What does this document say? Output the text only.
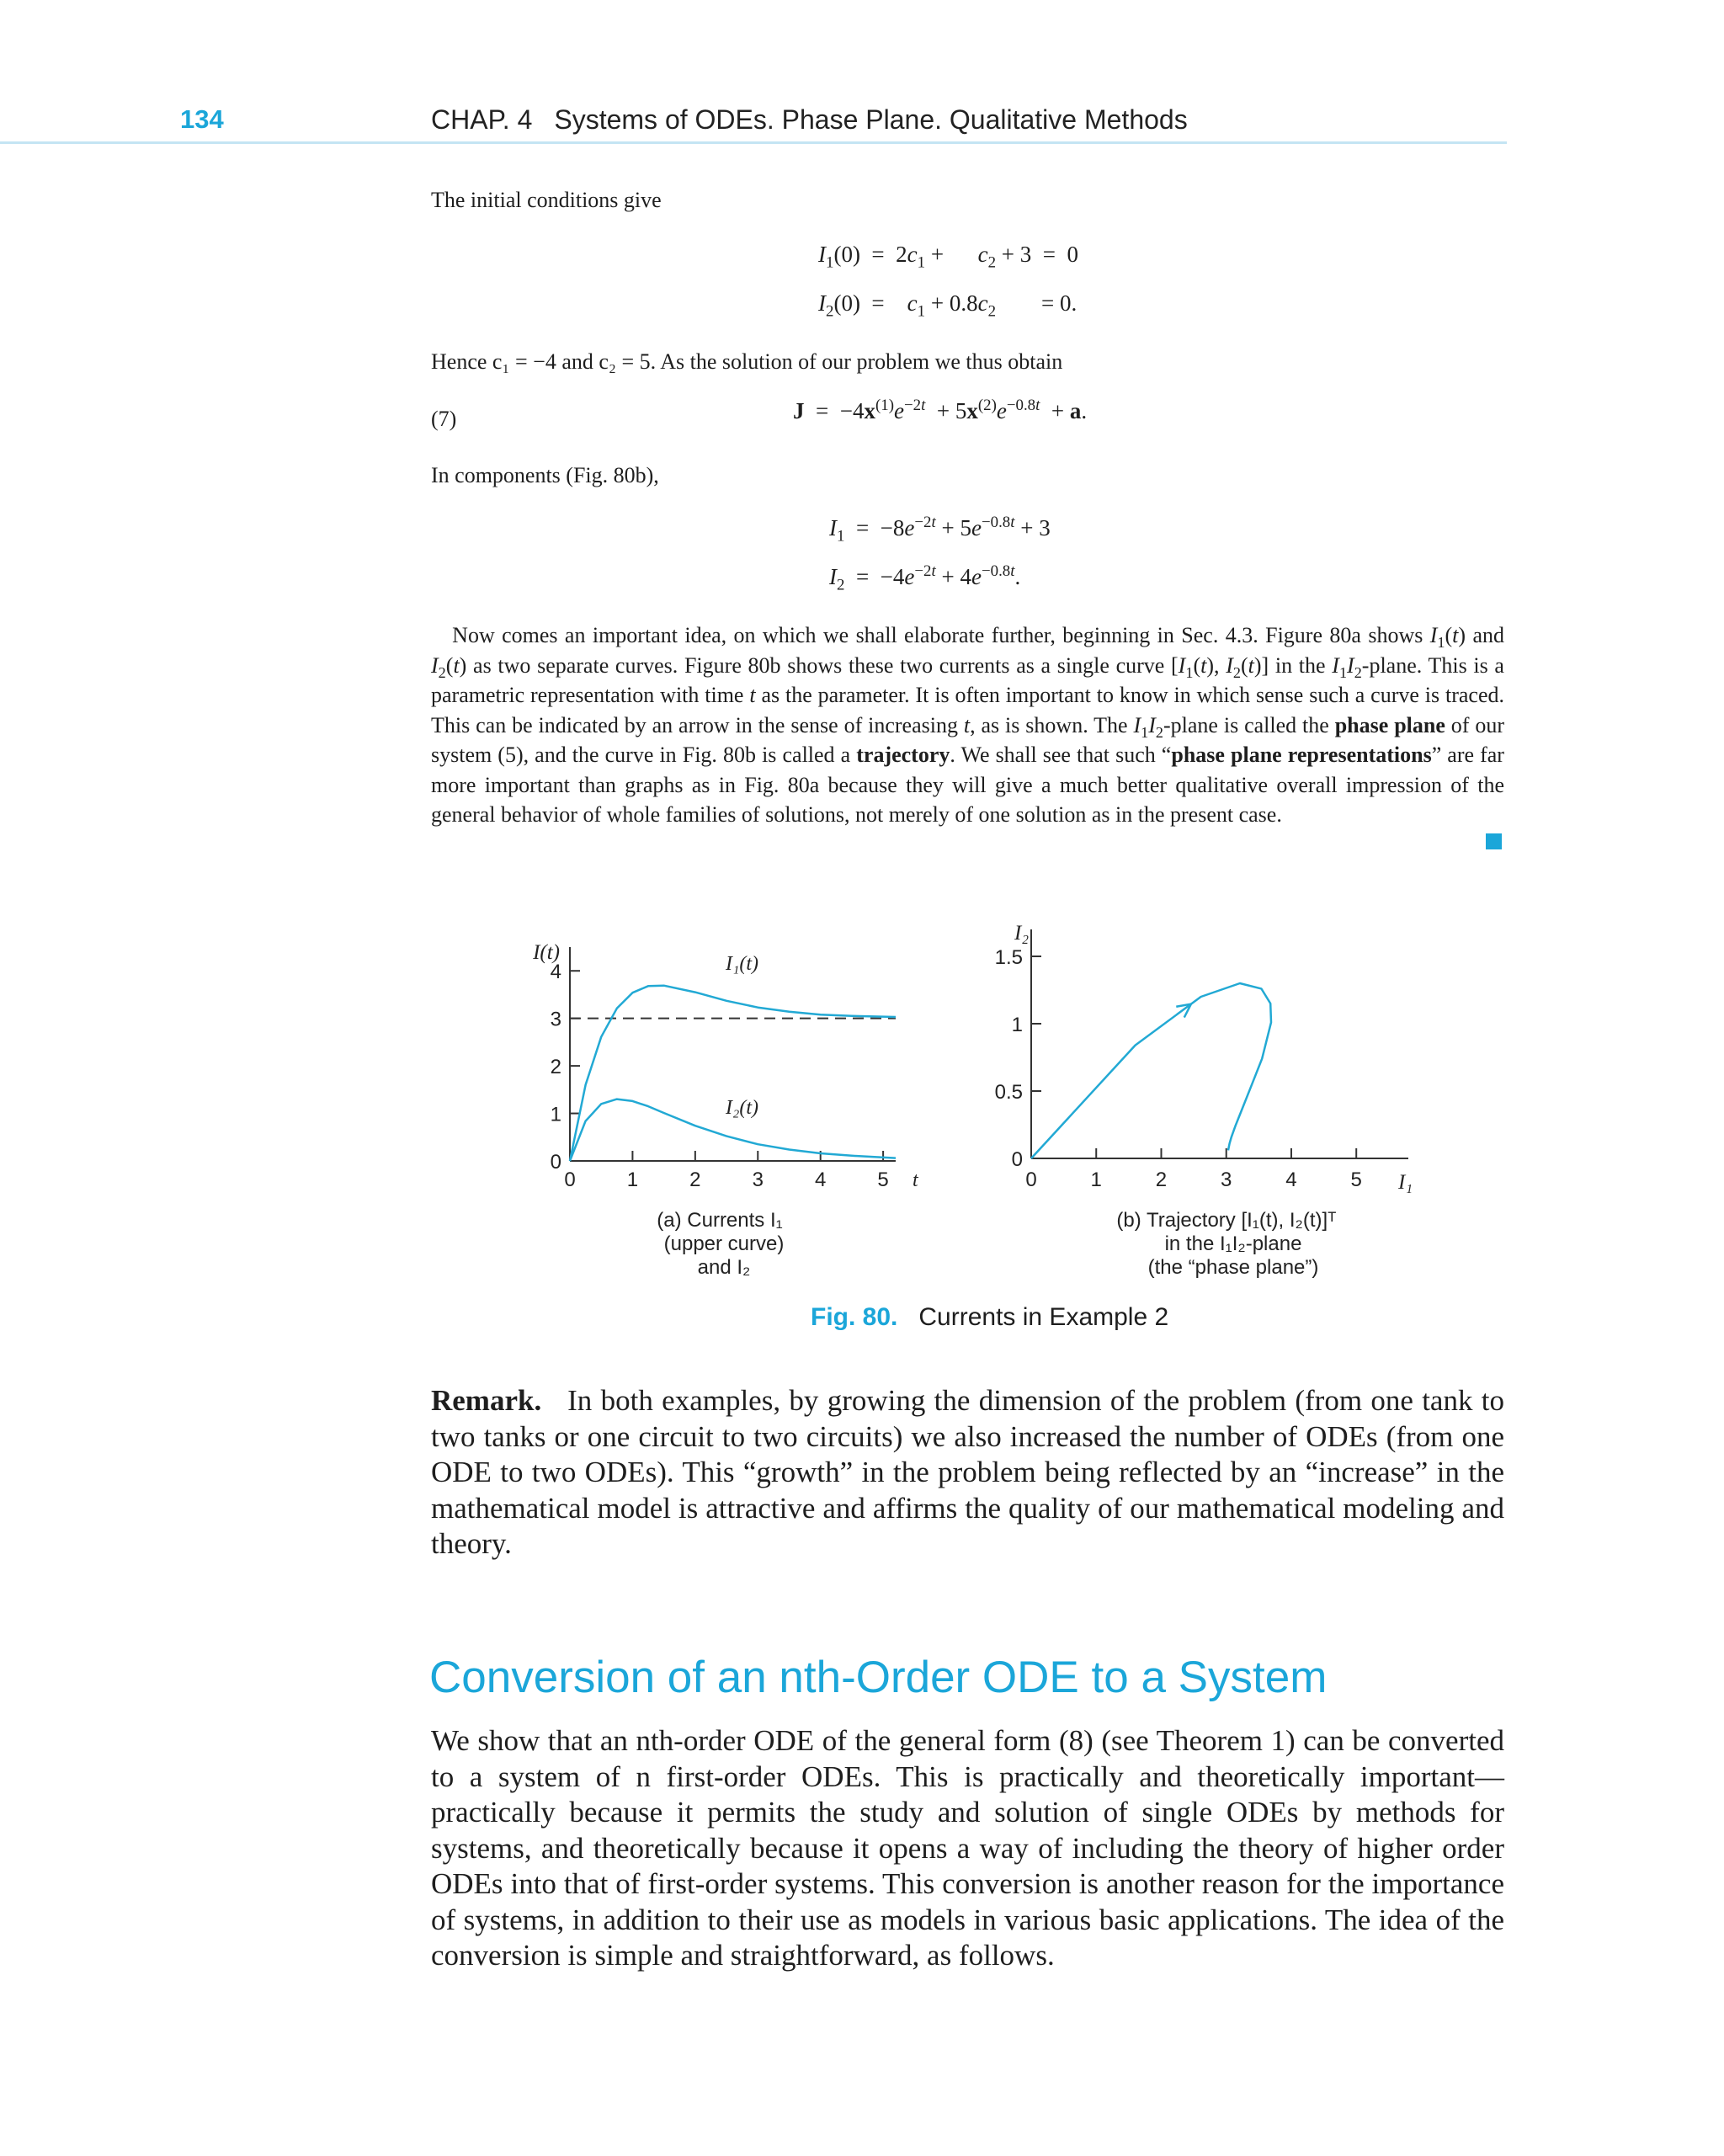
134	CHAP. 4 Systems of ODEs. Phase Plane. Qualitative Methods
The initial conditions give
$I_1(0) = 2c_1$ +      $c_2 + 3 = 0$
$I_2(0)$  =    $c_1 + 0.8c_2$        = 0.
Hence c₁ = −4 and c₂ = 5. As the solution of our problem we thus obtain
(7)	$J = -4x^{(1)}e^{-2t} + 5x^{(2)}e^{-0.8t} + a$.
In components (Fig. 80b),
$I_1 = -8e^{-2t} + 5e^{-0.8t} + 3$
$I_2 = -4e^{-2t} + 4e^{-0.8t}$.
Now comes an important idea, on which we shall elaborate further, beginning in Sec. 4.3. Figure 80a shows $I_1(t)$ and $I_2(t)$ as two separate curves. Figure 80b shows these two currents as a single curve [$I_1(t)$, $I_2(t)$] in the $I_1I_2$-plane. This is a parametric representation with time t as the parameter. It is often important to know in which sense such a curve is traced. This can be indicated by an arrow in the sense of increasing t, as is shown. The $I_1I_2$-plane is called the phase plane of our system (5), and the curve in Fig. 80b is called a trajectory. We shall see that such “phase plane representations” are far more important than graphs as in Fig. 80a because they will give a much better qualitative overall impression of the general behavior of whole families of solutions, not merely of one solution as in the present case.
0
1
2
3
4
0	1	2	3	4	5
I(t)
t
I₁(t)
I₂(t)
(a) Currents I₁
(upper curve)
and I₂
0
0.5
1
1.5
0	1	2	3	4	5
I₂
I₁
(b) Trajectory [I₁(t), I₂(t)]ᵀ
in the I₁I₂-plane
(the “phase plane”)
Fig. 80. Currents in Example 2
Remark. In both examples, by growing the dimension of the problem (from one tank to two tanks or one circuit to two circuits) we also increased the number of ODEs (from one ODE to two ODEs). This “growth” in the problem being reflected by an “increase” in the mathematical model is attractive and affirms the quality of our mathematical modeling and theory.
Conversion of an nth-Order ODE to a System
We show that an nth-order ODE of the general form (8) (see Theorem 1) can be converted to a system of n first-order ODEs. This is practically and theoretically important—practically because it permits the study and solution of single ODEs by methods for systems, and theoretically because it opens a way of including the theory of higher order ODEs into that of first-order systems. This conversion is another reason for the importance of systems, in addition to their use as models in various basic applications. The idea of the conversion is simple and straightforward, as follows.
